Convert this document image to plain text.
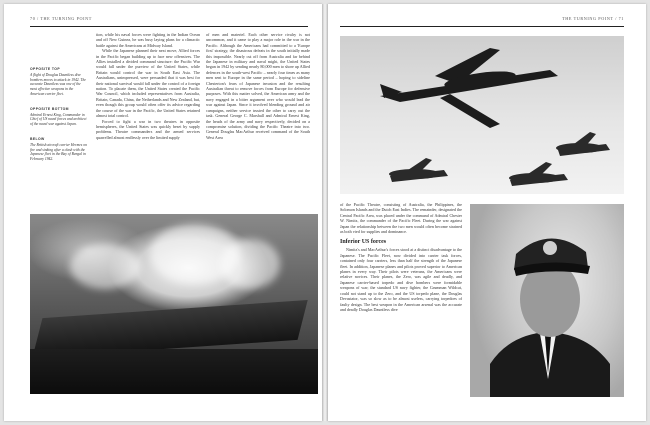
70 / THE TURNING POINT
OPPOSITE TOP
A flight of Douglas Dauntless dive bombers moves to attack in 1942. The accurate Dauntless was one of the most effective weapons in the American carrier fleet.
OPPOSITE BOTTOM
Admiral Ernest King, Commander in Chief of US naval forces and architect of the naval war against Japan.
BELOW
The British aircraft carrier Hermes on fire and sinking after a clash with the Japanese fleet in the Bay of Bengal in February 1942.

tion, while his naval forces were fighting in the Indian Ocean and off New Guinea, he was busy laying plans for a climactic battle against the Americans at Midway Island.

While the Japanese planned their next move, Allied forces in the Pacific began building up to face new offensives. The Allies installed a divided command structure: the Pacific War would fall under the purview of the United States, while Britain would control the war in South East Asia. The Australians, unimpressed, were persuaded that it was best for their national survival would fall under the control of a foreign nation. To placate them, the United States created the Pacific War Council, which included representatives from Australia, Britain, Canada, China, the Netherlands and New Zealand, but, even though this group would often offer its advice regarding the course of the war in the Pacific, the United States retained almost total control.

Forced to fight a war in two theatres in opposite hemispheres, the United States was quickly beset by supply problems. Theatre commanders and the armed services quarrelled almost endlessly over the limited supply

of men and materiel. Each other service rivalry is not uncommon, and it came to play a major role in the war in the Pacific. Although the Americans had committed to a 'Europe first' strategy, the disastrous defeats in the south initially made this impossible. Nearly cut off from Australia and far behind the Japanese in military and naval might, the United States began in 1942 by sending nearly 80,000 men to shore up Allied defences in the south-west Pacific – nearly four times as many men sent to Europe in the same period – hoping to sideline Chesterton's fears of Japanese invasion and the resulting Australian threat to remove forces from Europe for defensive purposes. With this matter solved, the American army and the navy engaged in a bitter argument over who would lead the war against Japan. Since it involved blending ground and air campaigns, neither service trusted the other to carry out the task. General George C. Marshall and Admiral Ernest King, the heads of the army and navy respectively, decided on a compromise solution, dividing the Pacific Theatre into two. General Douglas MacArthur received command of the South West Area

THE TURNING POINT / 71

of the Pacific Theatre, consisting of Australia, the Philippines, the Solomon Islands and the Dutch East Indies. The remainder, designated the Central Pacific Area, was placed under the command of Admiral Chester W. Nimitz, the commander of the Pacific Fleet. During the war against Japan the relationship between the two men would often become strained as both vied for supplies and dominance.

Inferior US forces

Nimitz's and MacArthur's forces stood at a distinct disadvantage to the Japanese. The Pacific Fleet, now divided into carrier task forces, contained only four carriers, less than half the strength of the Japanese fleet. In addition, Japanese planes and pilots proved superior to American planes in every way. Their pilots were veterans, the Americans were relative novices. Their planes, the Zero, was agile and deadly, and Japanese carrier-based torpedo and dive bombers were formidable weapons of war; the standard US navy fighter, the Grumman Wildcat, could not stand up to the Zero, and the US torpedo plane, the Douglas Devastator, was so slow as to be almost useless, carrying torpedoes of faulty design. The best weapon in the American arsenal was the accurate and deadly Douglas Dauntless dive
